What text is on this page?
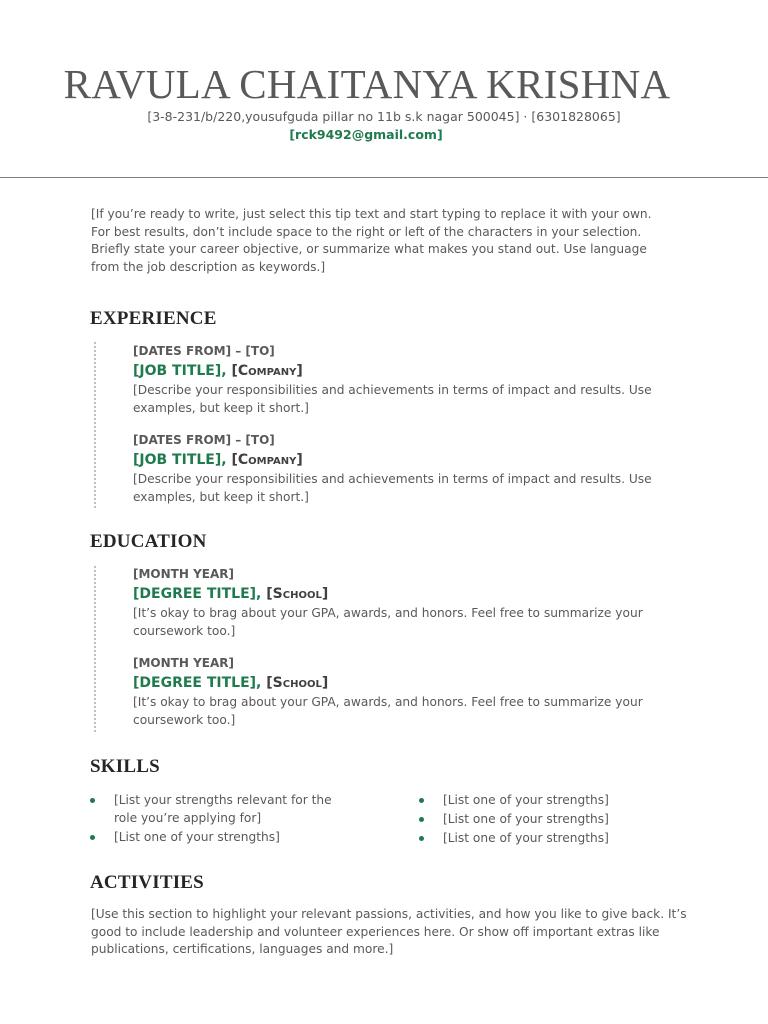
RAVULA CHAITANYA KRISHNA
[3-8-231/b/220,yousufguda pillar no 11b s.k nagar 500045] · [6301828065]
[rck9492@gmail.com]
[If you’re ready to write, just select this tip text and start typing to replace it with your own. For best results, don’t include space to the right or left of the characters in your selection. Briefly state your career objective, or summarize what makes you stand out. Use language from the job description as keywords.]
EXPERIENCE
[DATES FROM] – [TO]
[JOB TITLE], [Company]
[Describe your responsibilities and achievements in terms of impact and results. Use examples, but keep it short.]
[DATES FROM] – [TO]
[JOB TITLE], [Company]
[Describe your responsibilities and achievements in terms of impact and results. Use examples, but keep it short.]
EDUCATION
[MONTH YEAR]
[DEGREE TITLE], [School]
[It’s okay to brag about your GPA, awards, and honors. Feel free to summarize your coursework too.]
[MONTH YEAR]
[DEGREE TITLE], [School]
[It’s okay to brag about your GPA, awards, and honors. Feel free to summarize your coursework too.]
SKILLS
[List your strengths relevant for the role you’re applying for]
[List one of your strengths]
[List one of your strengths]
[List one of your strengths]
[List one of your strengths]
ACTIVITIES
[Use this section to highlight your relevant passions, activities, and how you like to give back. It’s good to include leadership and volunteer experiences here. Or show off important extras like publications, certifications, languages and more.]
